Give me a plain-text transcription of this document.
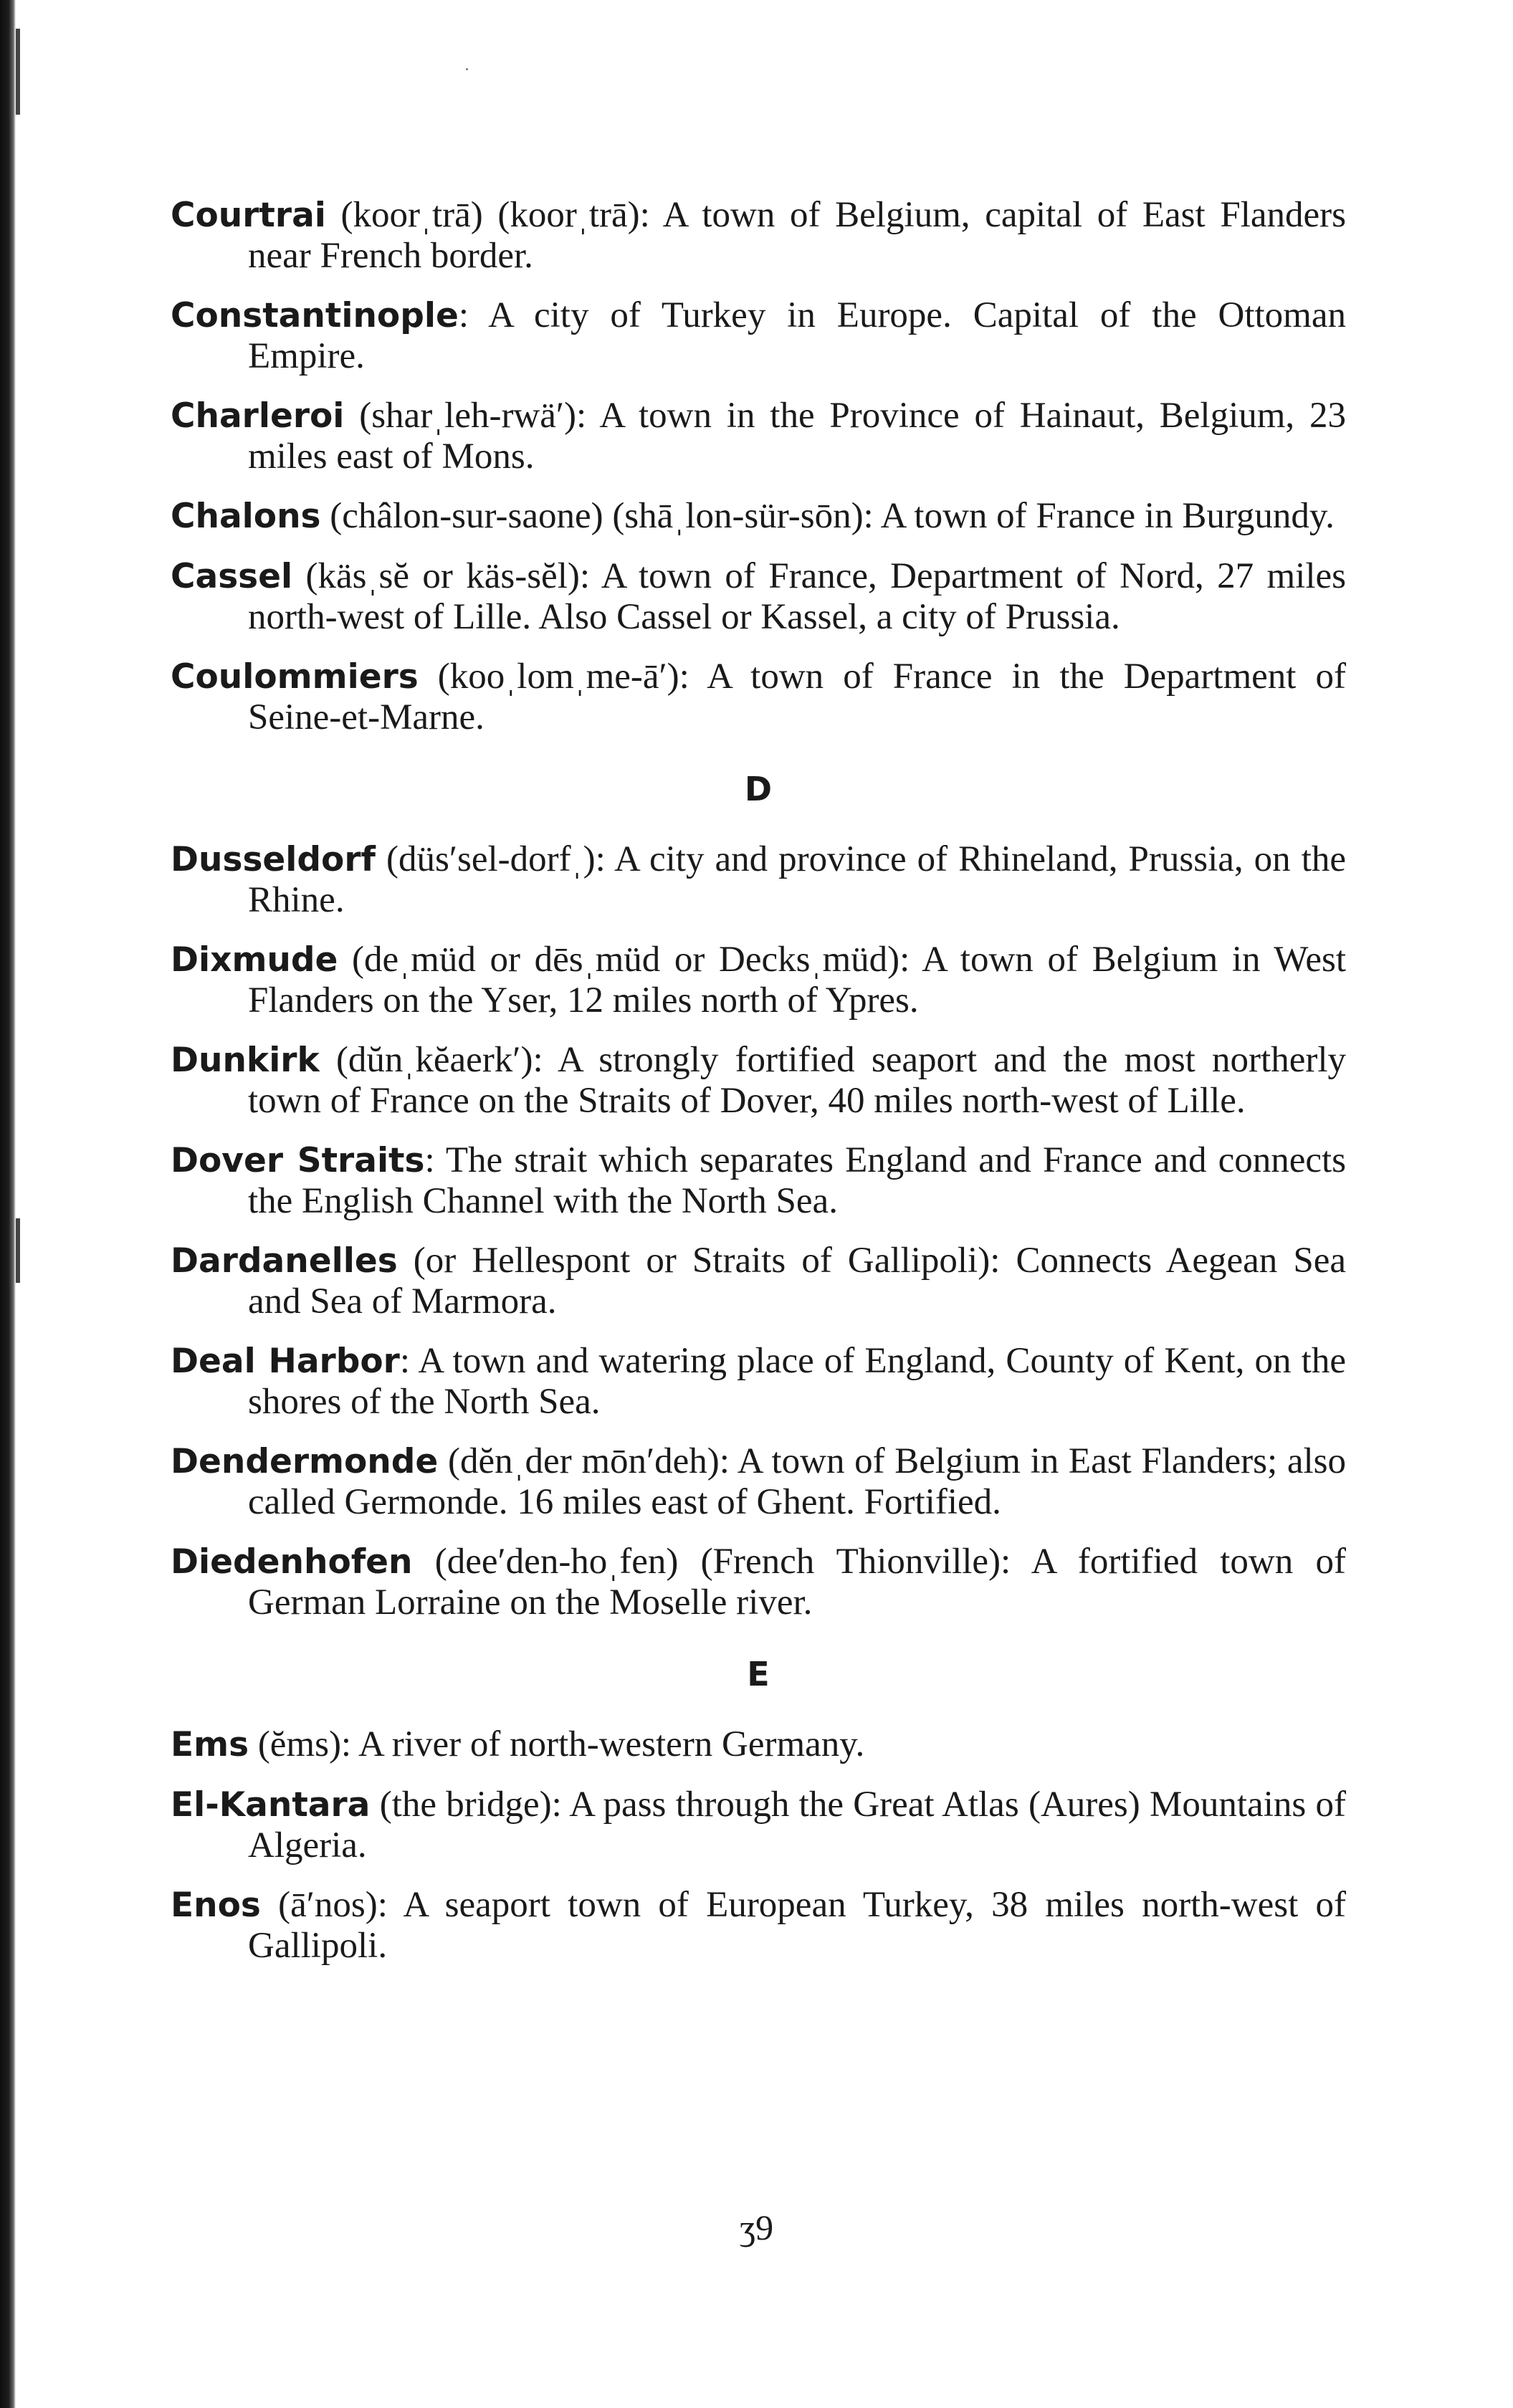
Courtrai (koorˌtrā) (koorˌtrā): A town of Belgium, capital of East Flanders near French border.

Constantinople: A city of Turkey in Europe. Capital of the Ottoman Empire.

Charleroi (sharˌleh-rwä′): A town in the Province of Hainaut, Belgium, 23 miles east of Mons.

Chalons (châlon-sur-saone) (shāˌlon-sür-sōn): A town of France in Burgundy.

Cassel (käsˌsĕ or käs-sĕl): A town of France, Department of Nord, 27 miles north-west of Lille. Also Cassel or Kassel, a city of Prussia.

Coulommiers (kooˌlomˌme-ā′): A town of France in the Department of Seine-et-Marne.

D

Dusseldorf (düs′sel-dorfˌ): A city and province of Rhineland, Prussia, on the Rhine.

Dixmude (deˌmüd or dēsˌmüd or Decksˌmüd): A town of Belgium in West Flanders on the Yser, 12 miles north of Ypres.

Dunkirk (dŭnˌkĕaerk′): A strongly fortified seaport and the most northerly town of France on the Straits of Dover, 40 miles north-west of Lille.

Dover Straits: The strait which separates England and France and connects the English Channel with the North Sea.

Dardanelles (or Hellespont or Straits of Gallipoli): Connects Aegean Sea and Sea of Marmora.

Deal Harbor: A town and watering place of England, County of Kent, on the shores of the North Sea.

Dendermonde (dĕnˌder mōn′deh): A town of Belgium in East Flanders; also called Germonde. 16 miles east of Ghent. Fortified.

Diedenhofen (dee′den-hoˌfen) (French Thionville): A fortified town of German Lorraine on the Moselle river.

E

Ems (ĕms): A river of north-western Germany.

El-Kantara (the bridge): A pass through the Great Atlas (Aures) Mountains of Algeria.

Enos (ā′nos): A seaport town of European Turkey, 38 miles north-west of Gallipoli.

ʒ9
